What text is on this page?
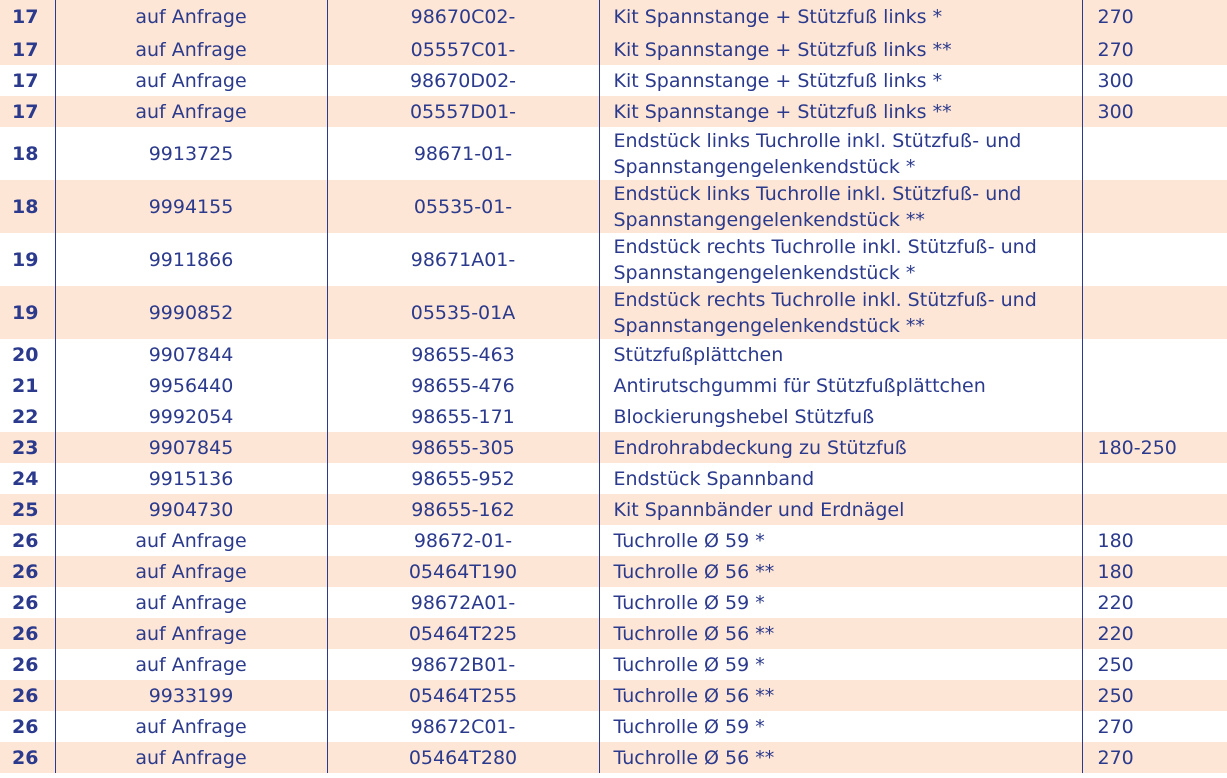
17	auf Anfrage	98670C02-	Kit Spannstange + Stützfuß links *	270
17	auf Anfrage	05557C01-	Kit Spannstange + Stützfuß links **	270
17	auf Anfrage	98670D02-	Kit Spannstange + Stützfuß links *	300
17	auf Anfrage	05557D01-	Kit Spannstange + Stützfuß links **	300
18	9913725	98671-01-	Endstück links Tuchrolle inkl. Stützfuß- und Spannstangengelenkendstück *	
18	9994155	05535-01-	Endstück links Tuchrolle inkl. Stützfuß- und Spannstangengelenkendstück **	
19	9911866	98671A01-	Endstück rechts Tuchrolle inkl. Stützfuß- und Spannstangengelenkendstück *	
19	9990852	05535-01A	Endstück rechts Tuchrolle inkl. Stützfuß- und Spannstangengelenkendstück **	
20	9907844	98655-463	Stützfußplättchen	
21	9956440	98655-476	Antirutschgummi für Stützfußplättchen	
22	9992054	98655-171	Blockierungshebel Stützfuß	
23	9907845	98655-305	Endrohrabdeckung zu Stützfuß	180-250
24	9915136	98655-952	Endstück Spannband	
25	9904730	98655-162	Kit Spannbänder und Erdnägel	
26	auf Anfrage	98672-01-	Tuchrolle Ø 59 *	180
26	auf Anfrage	05464T190	Tuchrolle Ø 56 **	180
26	auf Anfrage	98672A01-	Tuchrolle Ø 59 *	220
26	auf Anfrage	05464T225	Tuchrolle Ø 56 **	220
26	auf Anfrage	98672B01-	Tuchrolle Ø 59 *	250
26	9933199	05464T255	Tuchrolle Ø 56 **	250
26	auf Anfrage	98672C01-	Tuchrolle Ø 59 *	270
26	auf Anfrage	05464T280	Tuchrolle Ø 56 **	270
